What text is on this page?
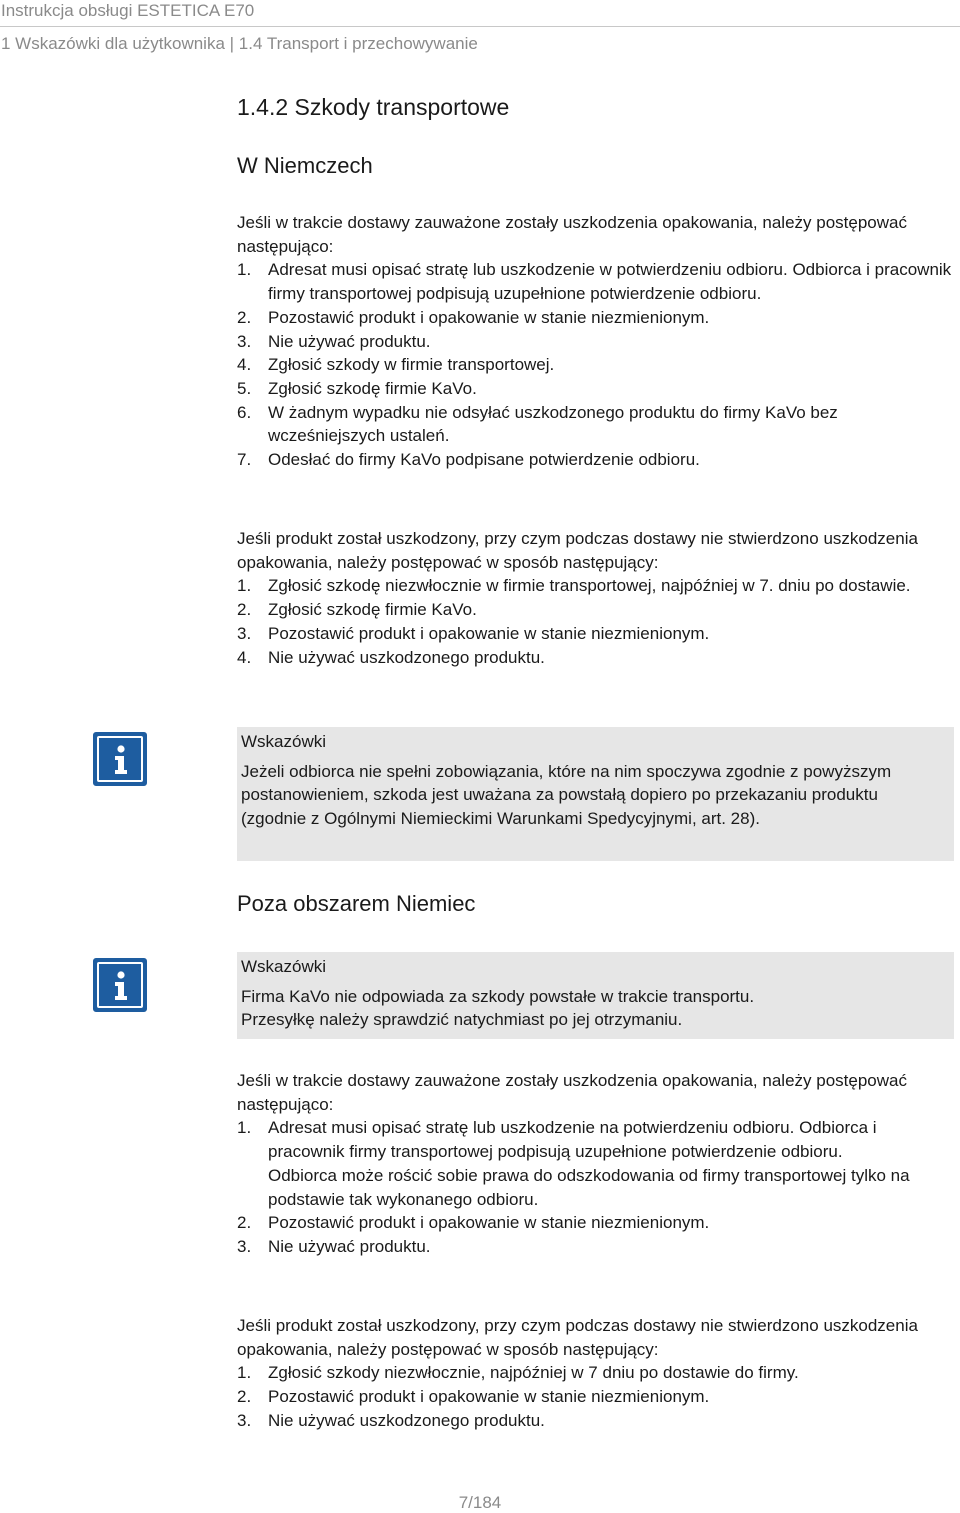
Instrukcja obsługi ESTETICA E70
1 Wskazówki dla użytkownika | 1.4 Transport i przechowywanie
1.4.2 Szkody transportowe
W Niemczech
Jeśli w trakcie dostawy zauważone zostały uszkodzenia opakowania, należy postępować następująco:
1. Adresat musi opisać stratę lub uszkodzenie w potwierdzeniu odbioru. Odbiorca i pracownik firmy transportowej podpisują uzupełnione potwierdzenie odbioru.
2. Pozostawić produkt i opakowanie w stanie niezmienionym.
3. Nie używać produktu.
4. Zgłosić szkody w firmie transportowej.
5. Zgłosić szkodę firmie KaVo.
6. W żadnym wypadku nie odsyłać uszkodzonego produktu do firmy KaVo bez wcześniejszych ustaleń.
7. Odesłać do firmy KaVo podpisane potwierdzenie odbioru.
Jeśli produkt został uszkodzony, przy czym podczas dostawy nie stwierdzono uszkodzenia opakowania, należy postępować w sposób następujący:
1. Zgłosić szkodę niezwłocznie w firmie transportowej, najpóźniej w 7. dniu po dostawie.
2. Zgłosić szkodę firmie KaVo.
3. Pozostawić produkt i opakowanie w stanie niezmienionym.
4. Nie używać uszkodzonego produktu.
Wskazówki
Jeżeli odbiorca nie spełni zobowiązania, które na nim spoczywa zgodnie z powyższym postanowieniem, szkoda jest uważana za powstałą dopiero po przekazaniu produktu (zgodnie z Ogólnymi Niemieckimi Warunkami Spedycyjnymi, art. 28).
Poza obszarem Niemiec
Wskazówki
Firma KaVo nie odpowiada za szkody powstałe w trakcie transportu.
Przesyłkę należy sprawdzić natychmiast po jej otrzymaniu.
Jeśli w trakcie dostawy zauważone zostały uszkodzenia opakowania, należy postępować następująco:
1. Adresat musi opisać stratę lub uszkodzenie na potwierdzeniu odbioru. Odbiorca i pracownik firmy transportowej podpisują uzupełnione potwierdzenie odbioru.
Odbiorca może rościć sobie prawa do odszkodowania od firmy transportowej tylko na podstawie tak wykonanego odbioru.
2. Pozostawić produkt i opakowanie w stanie niezmienionym.
3. Nie używać produktu.
Jeśli produkt został uszkodzony, przy czym podczas dostawy nie stwierdzono uszkodzenia opakowania, należy postępować w sposób następujący:
1. Zgłosić szkody niezwłocznie, najpóźniej w 7 dniu po dostawie do firmy.
2. Pozostawić produkt i opakowanie w stanie niezmienionym.
3. Nie używać uszkodzonego produktu.
7/184
